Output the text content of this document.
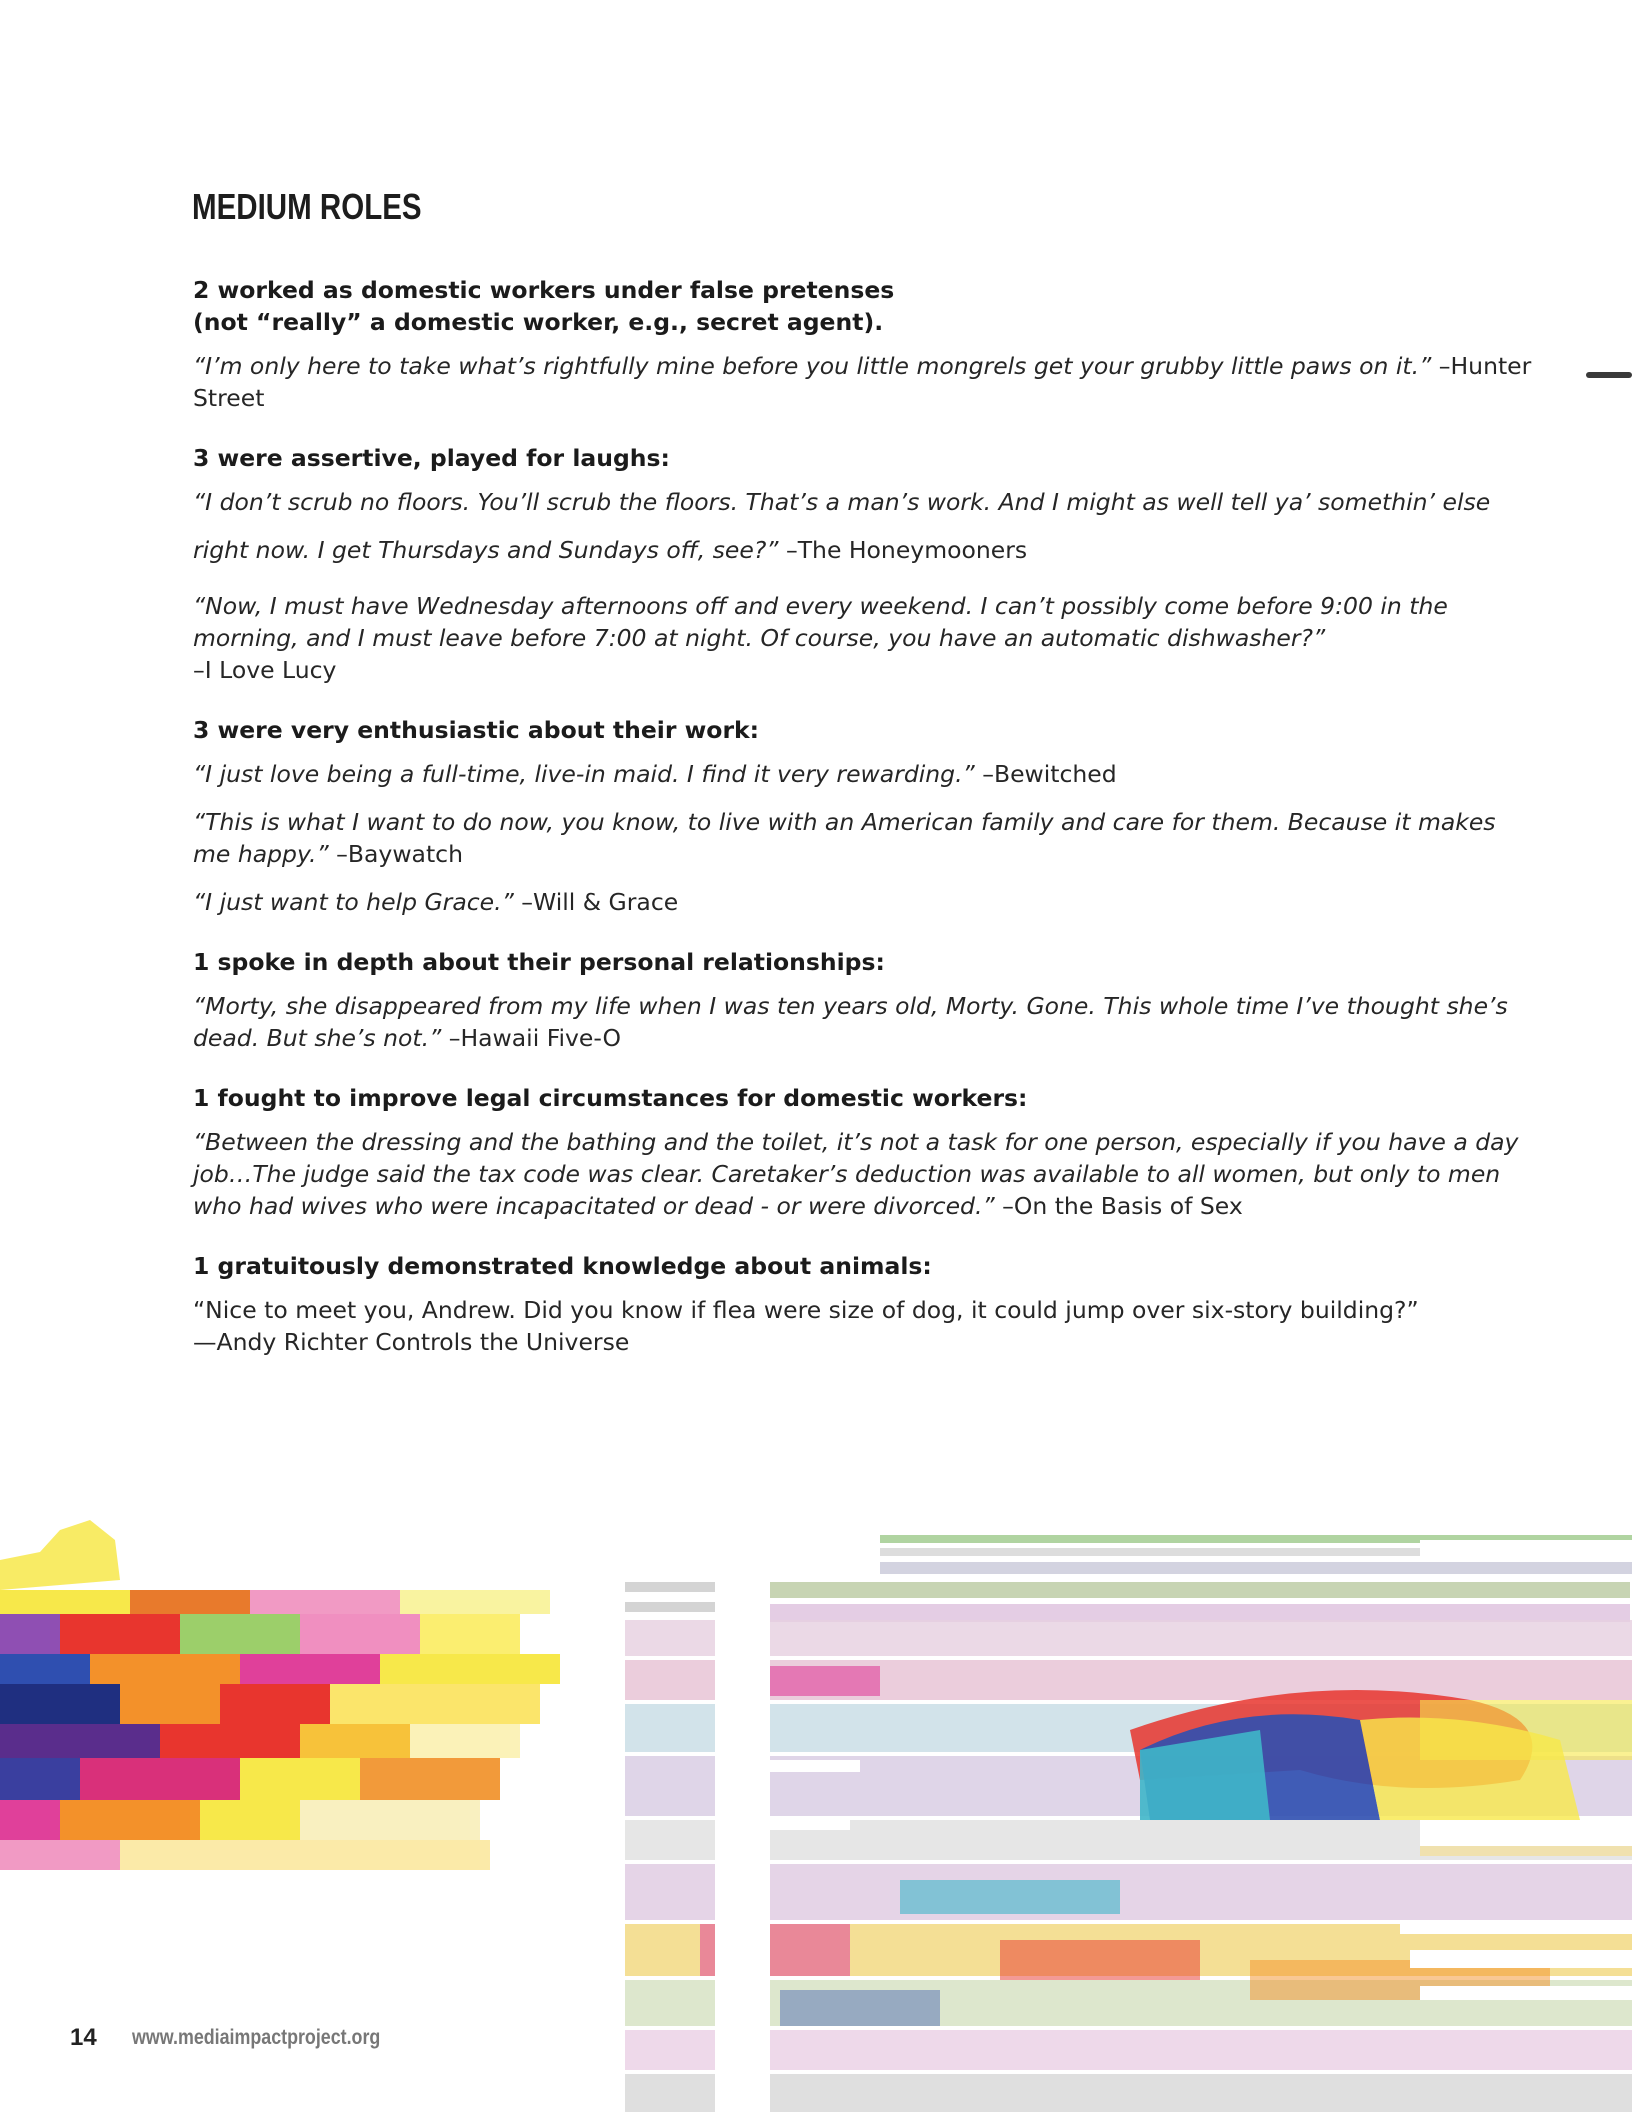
MEDIUM ROLES

2 worked as domestic workers under false pretenses
(not “really” a domestic worker, e.g., secret agent).

“I’m only here to take what’s rightfully mine before you little mongrels get your grubby little paws on it.” –Hunter Street

3 were assertive, played for laughs:

“I don’t scrub no floors. You’ll scrub the floors. That’s a man’s work. And I might as well tell ya’ somethin’ else right now. I get Thursdays and Sundays off, see?” –The Honeymooners

“Now, I must have Wednesday afternoons off and every weekend. I can’t possibly come before 9:00 in the morning, and I must leave before 7:00 at night. Of course, you have an automatic dishwasher?”
–I Love Lucy

3 were very enthusiastic about their work:

“I just love being a full-time, live-in maid. I find it very rewarding.” –Bewitched

“This is what I want to do now, you know, to live with an American family and care for them. Because it makes me happy.” –Baywatch

“I just want to help Grace.” –Will & Grace

1 spoke in depth about their personal relationships:

“Morty, she disappeared from my life when I was ten years old, Morty. Gone. This whole time I’ve thought she’s dead. But she’s not.” –Hawaii Five-O

1 fought to improve legal circumstances for domestic workers:

“Between the dressing and the bathing and the toilet, it’s not a task for one person, especially if you have a day job…The judge said the tax code was clear. Caretaker’s deduction was available to all women, but only to men who had wives who were incapacitated or dead - or were divorced.” –On the Basis of Sex

1 gratuitously demonstrated knowledge about animals:

“Nice to meet you, Andrew. Did you know if flea were size of dog, it could jump over six-story building?”
—Andy Richter Controls the Universe

14 www.mediaimpactproject.org
